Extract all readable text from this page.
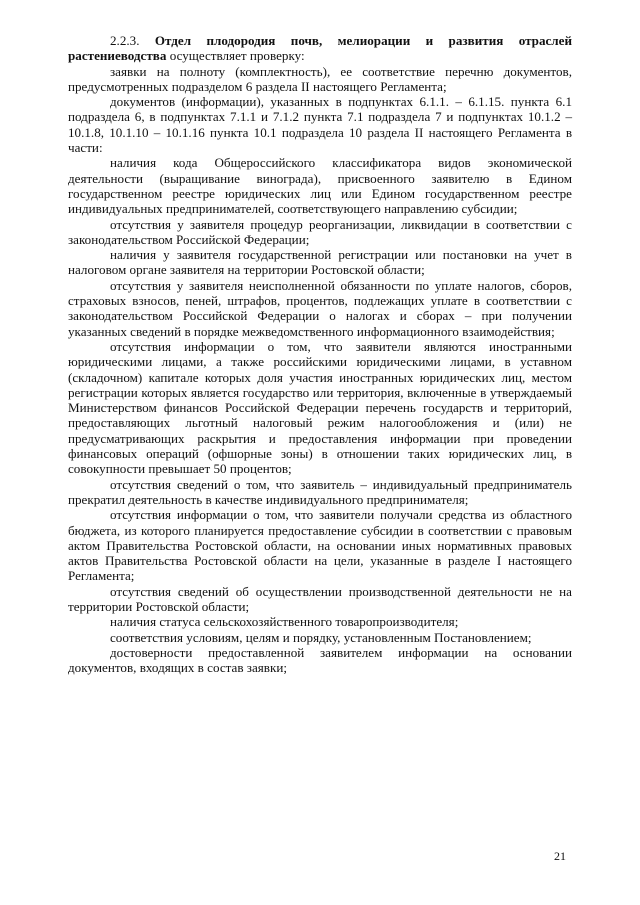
2.2.3. Отдел плодородия почв, мелиорации и развития отраслей растениеводства осуществляет проверку:

заявки на полноту (комплектность), ее соответствие перечню документов, предусмотренных подразделом 6 раздела II настоящего Регламента;

документов (информации), указанных в подпунктах 6.1.1. – 6.1.15. пункта 6.1 подраздела 6, в подпунктах 7.1.1 и 7.1.2 пункта 7.1 подраздела 7 и подпунктах 10.1.2 – 10.1.8, 10.1.10 – 10.1.16 пункта 10.1 подраздела 10 раздела II настоящего Регламента в части:

наличия кода Общероссийского классификатора видов экономической деятельности (выращивание винограда), присвоенного заявителю в Едином государственном реестре юридических лиц или Едином государственном реестре индивидуальных предпринимателей, соответствующего направлению субсидии;

отсутствия у заявителя процедур реорганизации, ликвидации в соответствии с законодательством Российской Федерации;

наличия у заявителя государственной регистрации или постановки на учет в налоговом органе заявителя на территории Ростовской области;

отсутствия у заявителя неисполненной обязанности по уплате налогов, сборов, страховых взносов, пеней, штрафов, процентов, подлежащих уплате в соответствии с законодательством Российской Федерации о налогах и сборах – при получении указанных сведений в порядке межведомственного информационного взаимодействия;

отсутствия информации о том, что заявители являются иностранными юридическими лицами, а также российскими юридическими лицами, в уставном (складочном) капитале которых доля участия иностранных юридических лиц, местом регистрации которых является государство или территория, включенные в утверждаемый Министерством финансов Российской Федерации перечень государств и территорий, предоставляющих льготный налоговый режим налогообложения и (или) не предусматривающих раскрытия и предоставления информации при проведении финансовых операций (офшорные зоны) в отношении таких юридических лиц, в совокупности превышает 50 процентов;

отсутствия сведений о том, что заявитель – индивидуальный предприниматель прекратил деятельность в качестве индивидуального предпринимателя;

отсутствия информации о том, что заявители получали средства из областного бюджета, из которого планируется предоставление субсидии в соответствии с правовым актом Правительства Ростовской области, на основании иных нормативных правовых актов Правительства Ростовской области на цели, указанные в разделе I настоящего Регламента;

отсутствия сведений об осуществлении производственной деятельности не на территории Ростовской области;

наличия статуса сельскохозяйственного товаропроизводителя;

соответствия условиям, целям и порядку, установленным Постановлением;

достоверности предоставленной заявителем информации на основании документов, входящих в состав заявки;

21
